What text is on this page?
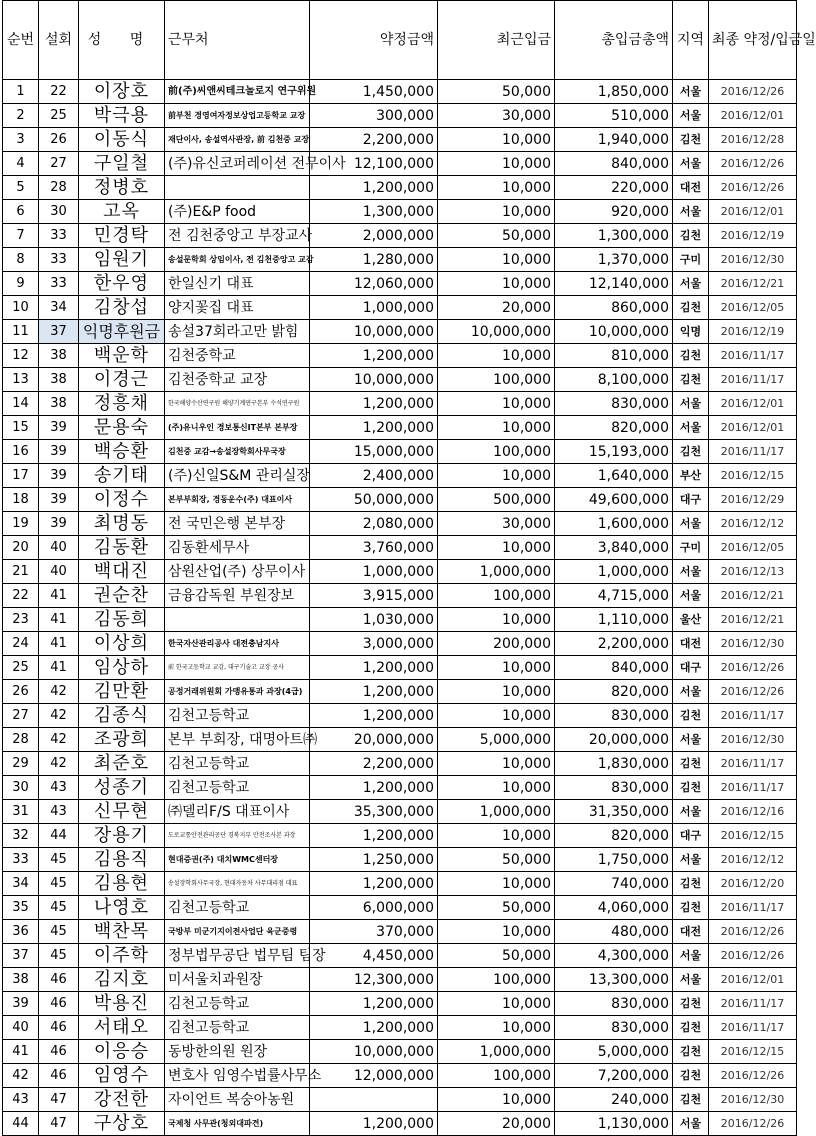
순번	설회	성 명	근무처	약정금액	최근입금	총입금총액	지역	최종 약정/입금일
1	22	이장호	前(주)씨앤씨테크놀로지 연구위원	1,450,000	50,000	1,850,000	서울	2016/12/26
2	25	박극용	前부천 경영여자정보상업고등학교 교장	300,000	30,000	510,000	서울	2016/12/01
3	26	이동식	재단이사, 송설역사관장, 前 김천중 교장	2,200,000	10,000	1,940,000	김천	2016/12/28
4	27	구일철	(주)유신코퍼레이션 전무이사	12,100,000	10,000	840,000	서울	2016/12/26
5	28	정병호		1,200,000	10,000	220,000	대전	2016/12/26
6	30	고옥	(주)E&P food	1,300,000	10,000	920,000	서울	2016/12/01
7	33	민경탁	전 김천중앙고 부장교사	2,000,000	50,000	1,300,000	김천	2016/12/19
8	33	임원기	송설문학회 상임이사, 전 김천중앙고 교감	1,280,000	10,000	1,370,000	구미	2016/12/30
9	33	한우영	한일신기 대표	12,060,000	10,000	12,140,000	서울	2016/12/21
10	34	김창섭	양지꽃집 대표	1,000,000	20,000	860,000	김천	2016/12/05
11	37	익명후원금	송설37회라고만 밝힘	10,000,000	10,000,000	10,000,000	익명	2016/12/19
12	38	백운학	김천중학교	1,200,000	10,000	810,000	김천	2016/11/17
13	38	이경근	김천중학교 교장	10,000,000	100,000	8,100,000	김천	2016/11/17
14	38	정흥채	한국해양수산연구원 해양기계연구본부 수석연구원	1,200,000	10,000	830,000	서울	2016/12/01
15	39	문용숙	(주)유니우인 경보통신IT본부 본부장	1,200,000	10,000	820,000	서울	2016/12/01
16	39	백승환	김천중 교감→송설장학회사무국장	15,000,000	100,000	15,193,000	김천	2016/11/17
17	39	송기태	(주)신일S&M 관리실장	2,400,000	10,000	1,640,000	부산	2016/12/15
18	39	이정수	본부부회장, 경동운수(주) 대표이사	50,000,000	500,000	49,600,000	대구	2016/12/29
19	39	최명동	전 국민은행 본부장	2,080,000	30,000	1,600,000	서울	2016/12/12
20	40	김동환	김동환세무사	3,760,000	10,000	3,840,000	구미	2016/12/05
21	40	백대진	삼원산업(주) 상무이사	1,000,000	1,000,000	1,000,000	서울	2016/12/13
22	41	권순찬	금융감독원 부원장보	3,915,000	100,000	4,715,000	서울	2016/12/21
23	41	김동희		1,030,000	10,000	1,110,000	울산	2016/12/21
24	41	이상희	한국자산관리공사 대전충남지사	3,000,000	200,000	2,200,000	대전	2016/12/30
25	41	임상하	前 한국고등학교 교감, 대구기술고 교장 공사	1,200,000	10,000	840,000	대구	2016/12/26
26	42	김만환	공정거래위원회 가맹유통과 과장(4급)	1,200,000	10,000	820,000	서울	2016/12/26
27	42	김종식	김천고등학교	1,200,000	10,000	830,000	김천	2016/11/17
28	42	조광희	본부 부회장, 대명아트㈜	20,000,000	5,000,000	20,000,000	서울	2016/12/30
29	42	최준호	김천고등학교	2,200,000	10,000	1,830,000	김천	2016/11/17
30	43	성종기	김천고등학교	1,200,000	10,000	830,000	김천	2016/11/17
31	43	신무현	㈜델리F/S 대표이사	35,300,000	1,000,000	31,350,000	서울	2016/12/16
32	44	장용기	도로교통안전관리공단 경북지부 안전조사본 과장	1,200,000	10,000	820,000	대구	2016/12/15
33	45	김용직	현대증권(주) 대치WMC센터장	1,250,000	50,000	1,750,000	서울	2016/12/12
34	45	김용현	송설장학회사무국장, 현대자동차 사무대리점 대표	1,200,000	10,000	740,000	김천	2016/12/20
35	45	나영호	김천고등학교	6,000,000	50,000	4,060,000	김천	2016/11/17
36	45	백찬목	국방부 미군기지이전사업단 육군중령	370,000	10,000	480,000	대전	2016/12/26
37	45	이주학	정부법무공단 법무팀 팀장	4,450,000	50,000	4,300,000	서울	2016/12/26
38	46	김지호	미서울치과원장	12,300,000	100,000	13,300,000	서울	2016/12/01
39	46	박용진	김천고등학교	1,200,000	10,000	830,000	김천	2016/11/17
40	46	서태오	김천고등학교	1,200,000	10,000	830,000	김천	2016/11/17
41	46	이응승	동방한의원 원장	10,000,000	1,000,000	5,000,000	김천	2016/12/15
42	46	임영수	변호사 임영수법률사무소	12,000,000	100,000	7,200,000	김천	2016/12/26
43	47	강전한	자이언트 복숭아농원		10,000	240,000	김천	2016/12/30
44	47	구상호	국제청 사무관(청외대파견)	1,200,000	20,000	1,130,000	서울	2016/12/26
